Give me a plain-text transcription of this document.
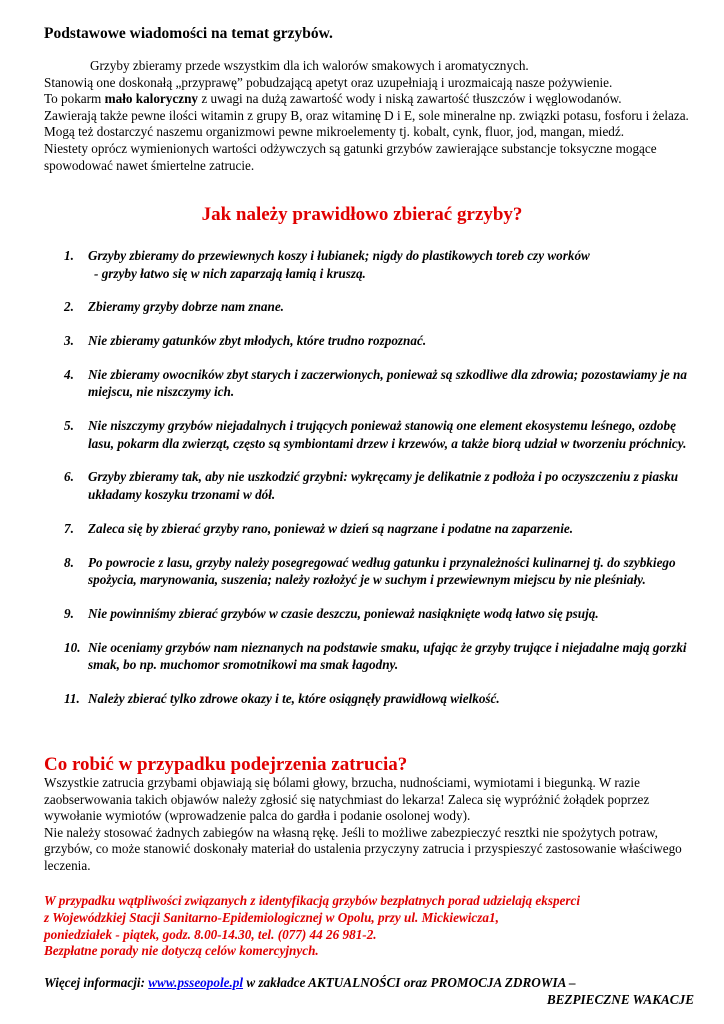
Podstawowe wiadomości na temat grzybów.

Grzyby zbieramy przede wszystkim dla ich walorów smakowych i aromatycznych.

Stanowią one doskonałą „przyprawę” pobudzającą apetyt oraz uzupełniają i urozmaicają nasze pożywienie.

To pokarm mało kaloryczny z uwagi na dużą zawartość wody i niską zawartość tłuszczów i węglowodanów.

Zawierają także pewne ilości witamin z grupy B, oraz witaminę D i E, sole mineralne np. związki potasu, fosforu i żelaza. Mogą też dostarczyć naszemu organizmowi pewne mikroelementy tj. kobalt, cynk, fluor, jod, mangan, miedź.

Niestety oprócz wymienionych wartości odżywczych są gatunki grzybów zawierające substancje toksyczne mogące spowodować nawet śmiertelne zatrucie.

Jak należy prawidłowo zbierać grzyby?
1. Grzyby zbieramy do przewiewnych koszy i łubianek; nigdy do plastikowych toreb czy worków
- grzyby łatwo się w nich zaparzają łamią i kruszą.
2. Zbieramy grzyby dobrze nam znane.
3. Nie zbieramy gatunków zbyt młodych, które trudno rozpoznać.
4. Nie zbieramy owocników zbyt starych i zaczerwionych, ponieważ są szkodliwe dla zdrowia; pozostawiamy je na miejscu, nie niszczymy ich.
5. Nie niszczymy grzybów niejadalnych i trujących ponieważ stanowią one element ekosystemu leśnego, ozdobę lasu, pokarm dla zwierząt, często są symbiontami drzew i krzewów, a także biorą udział w tworzeniu próchnicy.
6. Grzyby zbieramy tak, aby nie uszkodzić grzybni: wykręcamy je delikatnie z podłoża i po oczyszczeniu z piasku układamy koszyku trzonami w dół.
7. Zaleca się by zbierać grzyby rano, ponieważ w dzień są nagrzane i podatne na zaparzenie.
8. Po powrocie z lasu, grzyby należy posegregować według gatunku i przynależności kulinarnej tj. do szybkiego spożycia, marynowania, suszenia; należy rozłożyć je w suchym i przewiewnym miejscu by nie pleśniały.
9. Nie powinniśmy zbierać grzybów w czasie deszczu, ponieważ nasiąknięte wodą łatwo się psują.
10. Nie oceniamy grzybów nam nieznanych na podstawie smaku, ufając że grzyby trujące i niejadalne mają gorzki smak, bo np. muchomor sromotnikowi ma smak łagodny.
11. Należy zbierać tylko zdrowe okazy i te, które osiągnęły prawidłową wielkość.
Co robić w przypadku podejrzenia zatrucia?

Wszystkie zatrucia grzybami objawiają się bólami głowy, brzucha, nudnościami, wymiotami i biegunką. W razie zaobserwowania takich objawów należy zgłosić się natychmiast do lekarza! Zaleca się wypróżnić żołądek poprzez wywołanie wymiotów (wprowadzenie palca do gardła i podanie osolonej wody).

Nie należy stosować żadnych zabiegów na własną rękę. Jeśli to możliwe zabezpieczyć resztki nie spożytych potraw, grzybów, co może stanowić doskonały materiał do ustalenia przyczyny zatrucia i przyspieszyć zastosowanie właściwego leczenia.

W przypadku wątpliwości związanych z identyfikacją grzybów bezpłatnych porad udzielają eksperci

z Wojewódzkiej Stacji Sanitarno-Epidemiologicznej w Opolu, przy ul. Mickiewicza1,

poniedziałek - piątek, godz. 8.00-14.30, tel. (077) 44 26 981-2.

Bezpłatne porady nie dotyczą celów komercyjnych.

Więcej informacji: www.psseopole.pl w zakładce AKTUALNOŚCI oraz PROMOCJA ZDROWIA –
BEZPIECZNE WAKACJE
